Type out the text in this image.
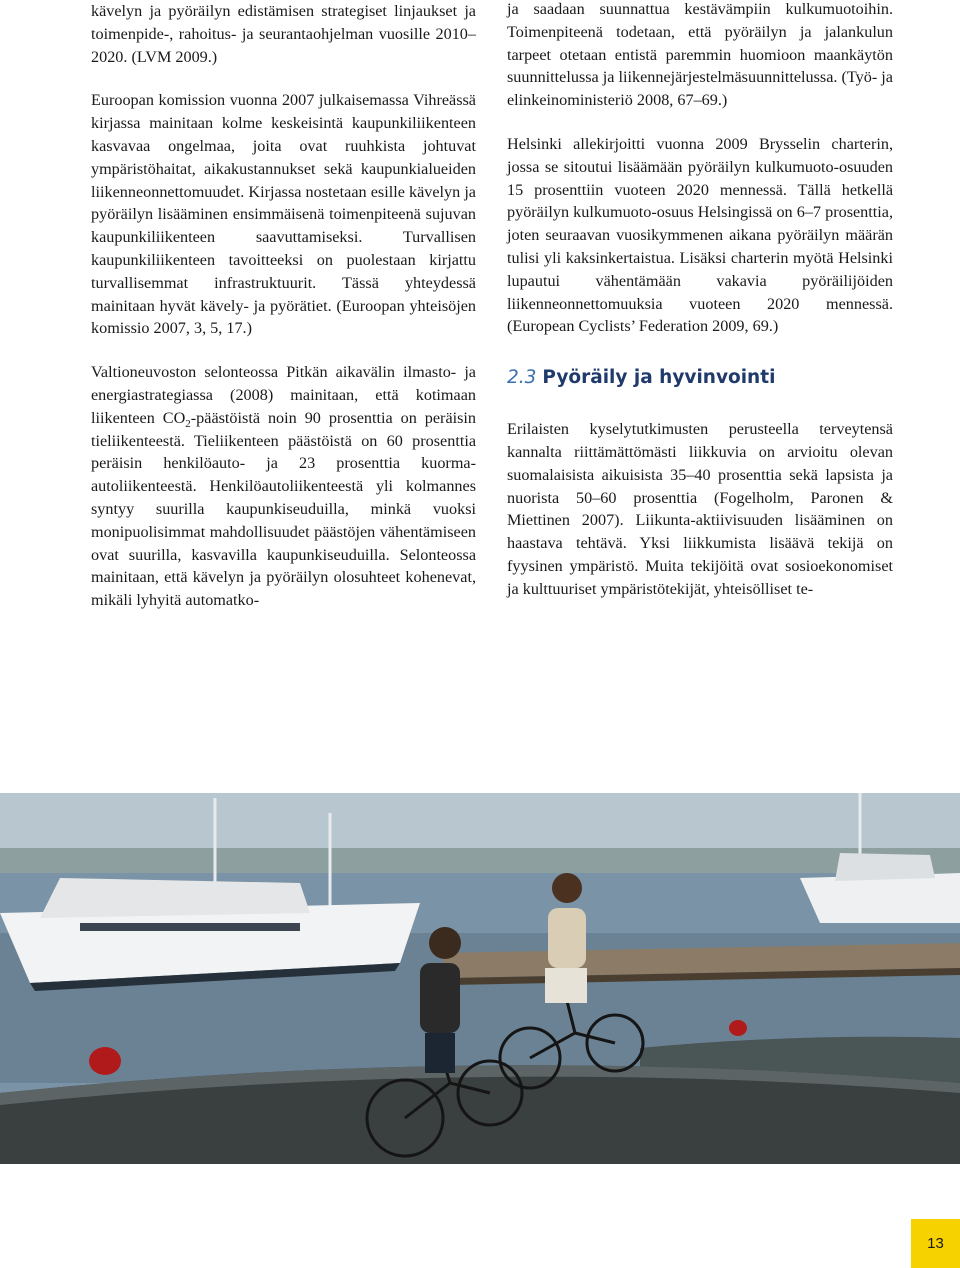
kävelyn ja pyöräilyn edistämisen strategiset linjaukset ja toimenpide-, rahoitus- ja seurantaohjelman vuosille 2010–2020. (LVM 2009.)

Euroopan komission vuonna 2007 julkaisemassa Vihreässä kirjassa mainitaan kolme keskeisintä kaupunkiliikenteen kasvavaa ongelmaa, joita ovat ruuhkista johtuvat ympäristöhaitat, aikakustannukset sekä kaupunkialueiden liikenneonnettomuudet. Kirjassa nostetaan esille kävelyn ja pyöräilyn lisääminen ensimmäisenä toimenpiteenä sujuvan kaupunkiliikenteen saavuttamiseksi. Turvallisen kaupunkiliikenteen tavoitteeksi on puolestaan kirjattu turvallisemmat infrastruktuurit. Tässä yhteydessä mainitaan hyvät kävely- ja pyörätiet. (Euroopan yhteisöjen komissio 2007, 3, 5, 17.)

Valtioneuvoston selonteossa Pitkän aikavälin ilmasto- ja energiastrategiassa (2008) mainitaan, että kotimaan liikenteen $CO_2$-päästöistä noin 90 prosenttia on peräisin tieliikenteestä. Tieliikenteen päästöistä on 60 prosenttia peräisin henkilöauto- ja 23 prosenttia kuorma-autoliikenteestä. Henkilöautoliikenteestä yli kolmannes syntyy suurilla kaupunkiseuduilla, minkä vuoksi monipuolisimmat mahdollisuudet päästöjen vähentämiseen ovat suurilla, kasvavilla kaupunkiseuduilla. Selonteossa mainitaan, että kävelyn ja pyöräilyn olosuhteet kohenevat, mikäli lyhyitä automatko-

ja saadaan suunnattua kestävämpiin kulkumuotoihin. Toimenpiteenä todetaan, että pyöräilyn ja jalankulun tarpeet otetaan entistä paremmin huomioon maankäytön suunnittelussa ja liikennejärjestelmäsuunnittelussa. (Työ- ja elinkeinoministeriö 2008, 67–69.)

Helsinki allekirjoitti vuonna 2009 Brysselin charterin, jossa se sitoutui lisäämään pyöräilyn kulkumuoto-osuuden 15 prosenttiin vuoteen 2020 mennessä. Tällä hetkellä pyöräilyn kulkumuoto-osuus Helsingissä on 6–7 prosenttia, joten seuraavan vuosikymmenen aikana pyöräilyn määrän tulisi yli kaksinkertaistua. Lisäksi charterin myötä Helsinki lupautui vähentämään vakavia pyöräilijöiden liikenneonnettomuuksia vuoteen 2020 mennessä. (European Cyclists’ Federation 2009, 69.)

2.3 Pyöräily ja hyvinvointi

Erilaisten kyselytutkimusten perusteella terveytensä kannalta riittämättömästi liikkuvia on arvioitu olevan suomalaisista aikuisista 35–40 prosenttia sekä lapsista ja nuorista 50–60 prosenttia (Fogelholm, Paronen & Miettinen 2007). Liikunta-aktiivisuuden lisääminen on haastava tehtävä. Yksi liikkumista lisäävä tekijä on fyysinen ympäristö. Muita tekijöitä ovat sosioekonomiset ja kulttuuriset ympäristötekijät, yhteisölliset te-

13
